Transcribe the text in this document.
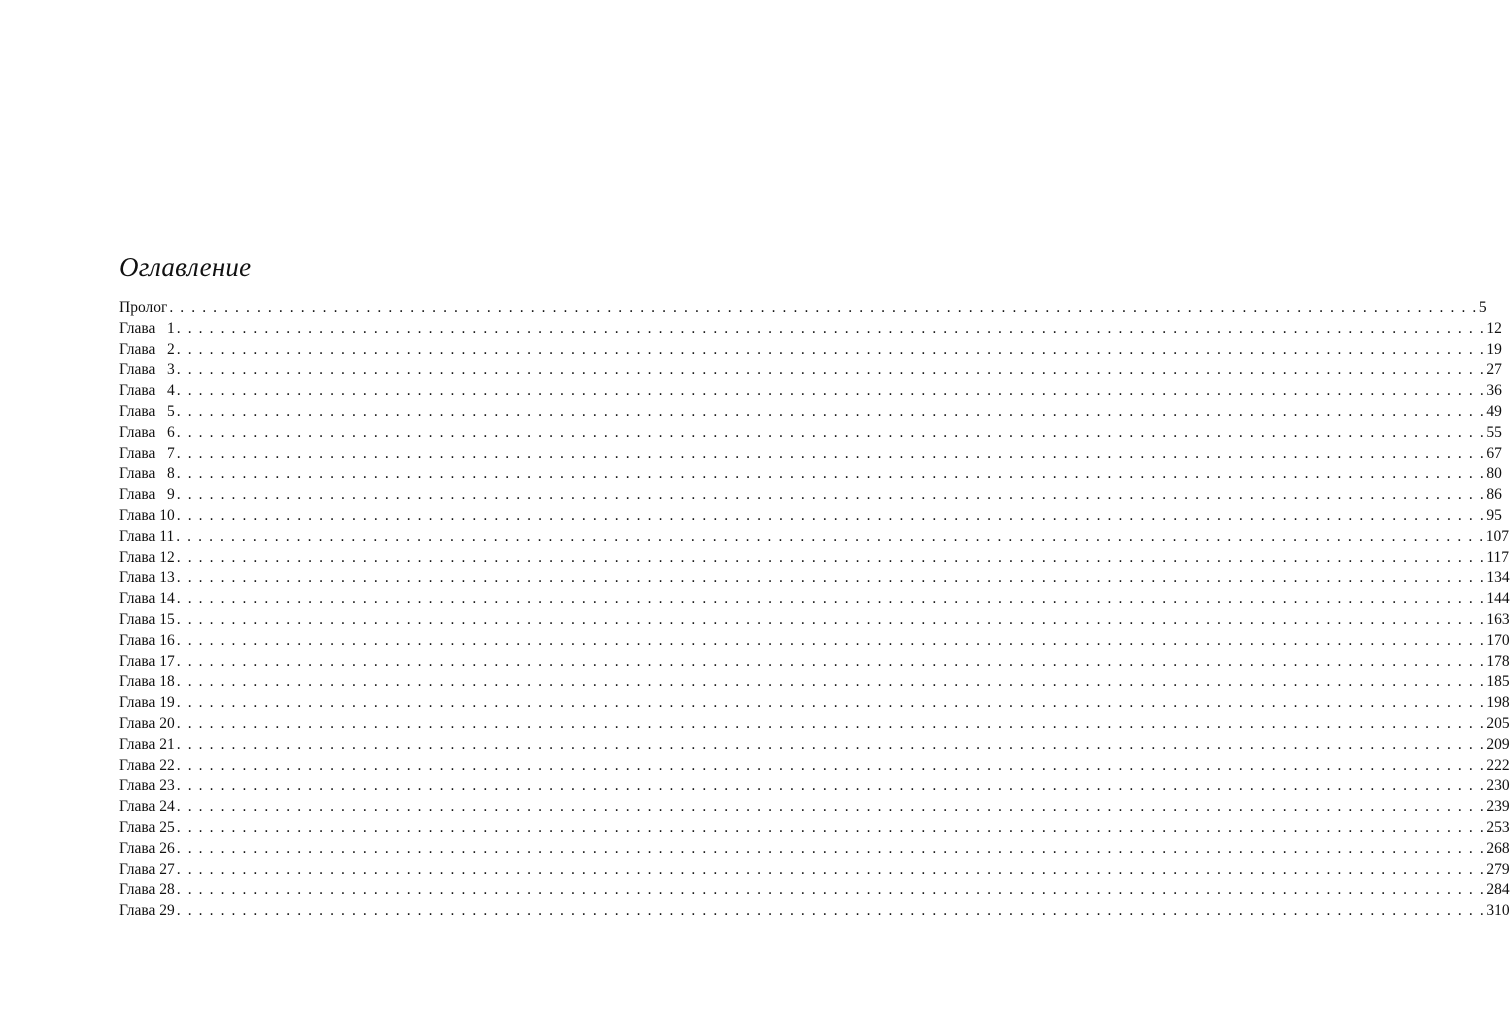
Оглавление
Пролог . . . . . . . . . . . . . . . . . . . . . . . . . . . . . . . . . . . . . . . . . . . . . . . . . . . . . . . . . . . . . . . . . . . . . . . . . . . . . . . . . . . . . . . . . . . . . . . . . . . . . . . . . . . . . . . . . . . . . . . . 5
Глава   1 . . . . . . . . . . . . . . . . . . . . . . . . . . . . . . . . . . . . . . . . . . . . . . . . . . . . . . . . . . . . . . . . . . . . . . . . . . . . . . . . . . . . . . . . . . . . . . . . . . . . . . . . . . . . . . . . . . . . . . . . 12
Глава   2 . . . . . . . . . . . . . . . . . . . . . . . . . . . . . . . . . . . . . . . . . . . . . . . . . . . . . . . . . . . . . . . . . . . . . . . . . . . . . . . . . . . . . . . . . . . . . . . . . . . . . . . . . . . . . . . . . . . . . . . . 19
Глава   3 . . . . . . . . . . . . . . . . . . . . . . . . . . . . . . . . . . . . . . . . . . . . . . . . . . . . . . . . . . . . . . . . . . . . . . . . . . . . . . . . . . . . . . . . . . . . . . . . . . . . . . . . . . . . . . . . . . . . . . . . 27
Глава   4 . . . . . . . . . . . . . . . . . . . . . . . . . . . . . . . . . . . . . . . . . . . . . . . . . . . . . . . . . . . . . . . . . . . . . . . . . . . . . . . . . . . . . . . . . . . . . . . . . . . . . . . . . . . . . . . . . . . . . . . . 36
Глава   5 . . . . . . . . . . . . . . . . . . . . . . . . . . . . . . . . . . . . . . . . . . . . . . . . . . . . . . . . . . . . . . . . . . . . . . . . . . . . . . . . . . . . . . . . . . . . . . . . . . . . . . . . . . . . . . . . . . . . . . . . 49
Глава   6 . . . . . . . . . . . . . . . . . . . . . . . . . . . . . . . . . . . . . . . . . . . . . . . . . . . . . . . . . . . . . . . . . . . . . . . . . . . . . . . . . . . . . . . . . . . . . . . . . . . . . . . . . . . . . . . . . . . . . . . . 55
Глава   7 . . . . . . . . . . . . . . . . . . . . . . . . . . . . . . . . . . . . . . . . . . . . . . . . . . . . . . . . . . . . . . . . . . . . . . . . . . . . . . . . . . . . . . . . . . . . . . . . . . . . . . . . . . . . . . . . . . . . . . . . 67
Глава   8 . . . . . . . . . . . . . . . . . . . . . . . . . . . . . . . . . . . . . . . . . . . . . . . . . . . . . . . . . . . . . . . . . . . . . . . . . . . . . . . . . . . . . . . . . . . . . . . . . . . . . . . . . . . . . . . . . . . . . . . . 80
Глава   9 . . . . . . . . . . . . . . . . . . . . . . . . . . . . . . . . . . . . . . . . . . . . . . . . . . . . . . . . . . . . . . . . . . . . . . . . . . . . . . . . . . . . . . . . . . . . . . . . . . . . . . . . . . . . . . . . . . . . . . . . 86
Глава 10 . . . . . . . . . . . . . . . . . . . . . . . . . . . . . . . . . . . . . . . . . . . . . . . . . . . . . . . . . . . . . . . . . . . . . . . . . . . . . . . . . . . . . . . . . . . . . . . . . . . . . . . . . . . . . . . . . . . . . . . . 95
Глава 11 . . . . . . . . . . . . . . . . . . . . . . . . . . . . . . . . . . . . . . . . . . . . . . . . . . . . . . . . . . . . . . . . . . . . . . . . . . . . . . . . . . . . . . . . . . . . . . . . . . . . . . . . . . . . . . . . . . . . . . . . 107
Глава 12 . . . . . . . . . . . . . . . . . . . . . . . . . . . . . . . . . . . . . . . . . . . . . . . . . . . . . . . . . . . . . . . . . . . . . . . . . . . . . . . . . . . . . . . . . . . . . . . . . . . . . . . . . . . . . . . . . . . . . . . . 117
Глава 13 . . . . . . . . . . . . . . . . . . . . . . . . . . . . . . . . . . . . . . . . . . . . . . . . . . . . . . . . . . . . . . . . . . . . . . . . . . . . . . . . . . . . . . . . . . . . . . . . . . . . . . . . . . . . . . . . . . . . . . . . 134
Глава 14 . . . . . . . . . . . . . . . . . . . . . . . . . . . . . . . . . . . . . . . . . . . . . . . . . . . . . . . . . . . . . . . . . . . . . . . . . . . . . . . . . . . . . . . . . . . . . . . . . . . . . . . . . . . . . . . . . . . . . . . . 144
Глава 15 . . . . . . . . . . . . . . . . . . . . . . . . . . . . . . . . . . . . . . . . . . . . . . . . . . . . . . . . . . . . . . . . . . . . . . . . . . . . . . . . . . . . . . . . . . . . . . . . . . . . . . . . . . . . . . . . . . . . . . . . 163
Глава 16 . . . . . . . . . . . . . . . . . . . . . . . . . . . . . . . . . . . . . . . . . . . . . . . . . . . . . . . . . . . . . . . . . . . . . . . . . . . . . . . . . . . . . . . . . . . . . . . . . . . . . . . . . . . . . . . . . . . . . . . . 170
Глава 17 . . . . . . . . . . . . . . . . . . . . . . . . . . . . . . . . . . . . . . . . . . . . . . . . . . . . . . . . . . . . . . . . . . . . . . . . . . . . . . . . . . . . . . . . . . . . . . . . . . . . . . . . . . . . . . . . . . . . . . . . 178
Глава 18 . . . . . . . . . . . . . . . . . . . . . . . . . . . . . . . . . . . . . . . . . . . . . . . . . . . . . . . . . . . . . . . . . . . . . . . . . . . . . . . . . . . . . . . . . . . . . . . . . . . . . . . . . . . . . . . . . . . . . . . . 185
Глава 19 . . . . . . . . . . . . . . . . . . . . . . . . . . . . . . . . . . . . . . . . . . . . . . . . . . . . . . . . . . . . . . . . . . . . . . . . . . . . . . . . . . . . . . . . . . . . . . . . . . . . . . . . . . . . . . . . . . . . . . . . 198
Глава 20 . . . . . . . . . . . . . . . . . . . . . . . . . . . . . . . . . . . . . . . . . . . . . . . . . . . . . . . . . . . . . . . . . . . . . . . . . . . . . . . . . . . . . . . . . . . . . . . . . . . . . . . . . . . . . . . . . . . . . . . . 205
Глава 21 . . . . . . . . . . . . . . . . . . . . . . . . . . . . . . . . . . . . . . . . . . . . . . . . . . . . . . . . . . . . . . . . . . . . . . . . . . . . . . . . . . . . . . . . . . . . . . . . . . . . . . . . . . . . . . . . . . . . . . . . 209
Глава 22 . . . . . . . . . . . . . . . . . . . . . . . . . . . . . . . . . . . . . . . . . . . . . . . . . . . . . . . . . . . . . . . . . . . . . . . . . . . . . . . . . . . . . . . . . . . . . . . . . . . . . . . . . . . . . . . . . . . . . . . . 222
Глава 23 . . . . . . . . . . . . . . . . . . . . . . . . . . . . . . . . . . . . . . . . . . . . . . . . . . . . . . . . . . . . . . . . . . . . . . . . . . . . . . . . . . . . . . . . . . . . . . . . . . . . . . . . . . . . . . . . . . . . . . . . 230
Глава 24 . . . . . . . . . . . . . . . . . . . . . . . . . . . . . . . . . . . . . . . . . . . . . . . . . . . . . . . . . . . . . . . . . . . . . . . . . . . . . . . . . . . . . . . . . . . . . . . . . . . . . . . . . . . . . . . . . . . . . . . . 239
Глава 25 . . . . . . . . . . . . . . . . . . . . . . . . . . . . . . . . . . . . . . . . . . . . . . . . . . . . . . . . . . . . . . . . . . . . . . . . . . . . . . . . . . . . . . . . . . . . . . . . . . . . . . . . . . . . . . . . . . . . . . . . 253
Глава 26 . . . . . . . . . . . . . . . . . . . . . . . . . . . . . . . . . . . . . . . . . . . . . . . . . . . . . . . . . . . . . . . . . . . . . . . . . . . . . . . . . . . . . . . . . . . . . . . . . . . . . . . . . . . . . . . . . . . . . . . . 268
Глава 27 . . . . . . . . . . . . . . . . . . . . . . . . . . . . . . . . . . . . . . . . . . . . . . . . . . . . . . . . . . . . . . . . . . . . . . . . . . . . . . . . . . . . . . . . . . . . . . . . . . . . . . . . . . . . . . . . . . . . . . . . 279
Глава 28 . . . . . . . . . . . . . . . . . . . . . . . . . . . . . . . . . . . . . . . . . . . . . . . . . . . . . . . . . . . . . . . . . . . . . . . . . . . . . . . . . . . . . . . . . . . . . . . . . . . . . . . . . . . . . . . . . . . . . . . . 284
Глава 29 . . . . . . . . . . . . . . . . . . . . . . . . . . . . . . . . . . . . . . . . . . . . . . . . . . . . . . . . . . . . . . . . . . . . . . . . . . . . . . . . . . . . . . . . . . . . . . . . . . . . . . . . . . . . . . . . . . . . . . . . 310
